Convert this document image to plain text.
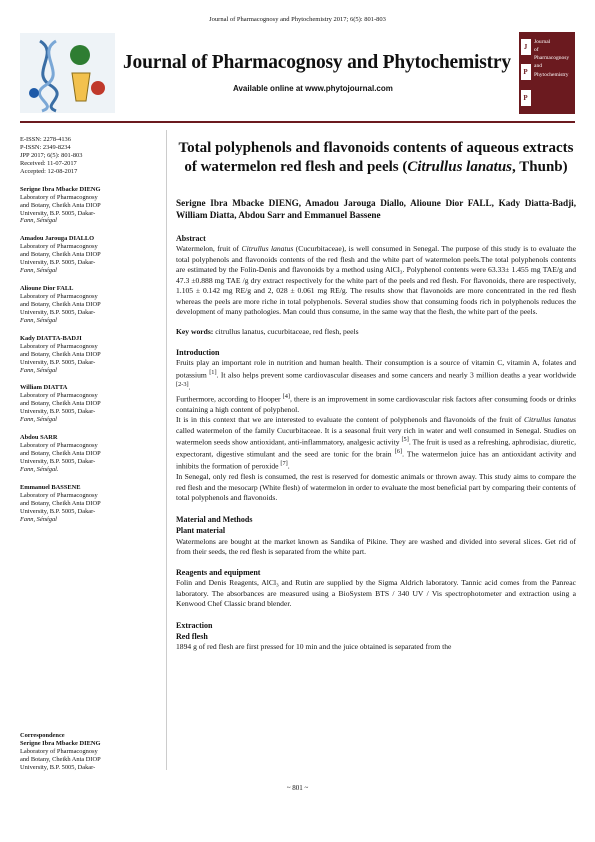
Journal of Pharmacognosy and Phytochemistry 2017; 6(5): 801-803
Journal of Pharmacognosy and Phytochemistry
Available online at www.phytojournal.com
J
P
P
Journal
of
Pharmacognosy
and
Phytochemistry
E-ISSN: 2278-4136
P-ISSN: 2349-8234
JPP 2017; 6(5): 801-803
Received: 11-07-2017
Accepted: 12-08-2017
Serigne Ibra Mbacke DIENG
Laboratory of Pharmacognosy
and Botany, Cheikh Anta DIOP
University, B.P. 5005, Dakar-
Fann, Sénégal
Amadou Jarouga DIALLO
Laboratory of Pharmacognosy
and Botany, Cheikh Anta DIOP
University, B.P. 5005, Dakar-
Fann, Sénégal
Alioune Dior FALL
Laboratory of Pharmacognosy
and Botany, Cheikh Anta DIOP
University, B.P. 5005, Dakar-
Fann, Sénégal
Kady DIATTA-BADJI
Laboratory of Pharmacognosy
and Botany, Cheikh Anta DIOP
University, B.P. 5005, Dakar-
Fann, Sénégal
William DIATTA
Laboratory of Pharmacognosy
and Botany, Cheikh Anta DIOP
University, B.P. 5005, Dakar-
Fann, Sénégal
Abdou SARR
Laboratory of Pharmacognosy
and Botany, Cheikh Anta DIOP
University, B.P. 5005, Dakar-
Fann, Sénégal.
Emmanuel BASSENE
Laboratory of Pharmacognosy
and Botany, Cheikh Anta DIOP
University, B.P. 5005, Dakar-
Fann, Sénégal
Correspondence
Serigne Ibra Mbacke DIENG
Laboratory of Pharmacognosy
and Botany, Cheikh Anta DIOP
University, B.P. 5005, Dakar-
Total polyphenols and flavonoids contents of aqueous extracts of watermelon red flesh and peels (Citrullus lanatus, Thunb)
Serigne Ibra Mbacke DIENG, Amadou Jarouga Diallo, Alioune Dior FALL, Kady Diatta-Badji, William Diatta, Abdou Sarr and Emmanuel Bassene
Abstract

Watermelon, fruit of Citrullus lanatus (Cucurbitaceae), is well consumed in Senegal. The purpose of this study is to evaluate the total polyphenols and flavonoids contents of the red flesh and the white part of watermelon peels.The total polyphenols contents are estimated by the Folin-Denis and flavonoids by a method using AlCl₃. Polyphenol contents were 63.33± 1.455 mg TAE/g and 47.3 ±0.888 mg TAE /g dry extract respectively for the white part of the peels and red flesh. For flavonoids, there are respectively, 1.105 ± 0.142 mg RE/g and 2, 028 ± 0.061 mg RE/g. The results show that flavonoids are more concentrated in the red flesh whereas the peels are more riche in total polyphenols. Several studies show that consuming foods rich in polyphenols reduces the development of many pathologies. Man could thus consume, in the same way that the flesh, the white part of the peels.

Key words: citrullus lanatus, cucurbitaceae, red flesh, peels

Introduction

Fruits play an important role in nutrition and human health. Their consumption is a source of vitamin C, vitamin A, folates and potassium [1]. It also helps prevent some cardiovascular diseases and some cancers and nearly 3 million deaths a year worldwide [2-3].

Furthermore, according to Hooper [4], there is an improvement in some cardiovascular risk factors after consuming foods or drinks containing a high content of polyphenol.

It is in this context that we are interested to evaluate the content of polyphenols and flavonoids of the fruit of Citrullus lanatus called watermelon of the family Cucurbitaceae. It is a seasonal fruit very rich in water and well consumed in Senegal. Studies on watermelon seeds show antioxidant, anti-inflammatory, analgesic activity [5]. The fruit is used as a refreshing, aphrodisiac, diuretic, expectorant, digestive stimulant and the seed are tonic for the brain [6]. The watermelon juice has an antioxidant activity and inhibits the formation of peroxide [7].

In Senegal, only red flesh is consumed, the rest is reserved for domestic animals or thrown away. This study aims to compare the red flesh and the mesocarp (White flesh) of watermelon in order to evaluate the most beneficial part by comparing their contents of total polyphenols and flavonoids.

Material and Methods
Plant material

Watermelons are bought at the market known as Sandika of Pikine. They are washed and divided into several slices. Get rid of from their seeds, the red flesh is separated from the white part.

Reagents and equipment

Folin and Denis Reagents, AlCl₃ and Rutin are supplied by the Sigma Aldrich laboratory. Tannic acid comes from the Panreac laboratory. The absorbances are measured using a BioSystem BTS / 340 UV / Vis spectrophotometer and extraction using a Kenwood Chef Classic brand blender.

Extraction
Red flesh

1894 g of red flesh are first pressed for 10 min and the juice obtained is separated from the

~ 801 ~
